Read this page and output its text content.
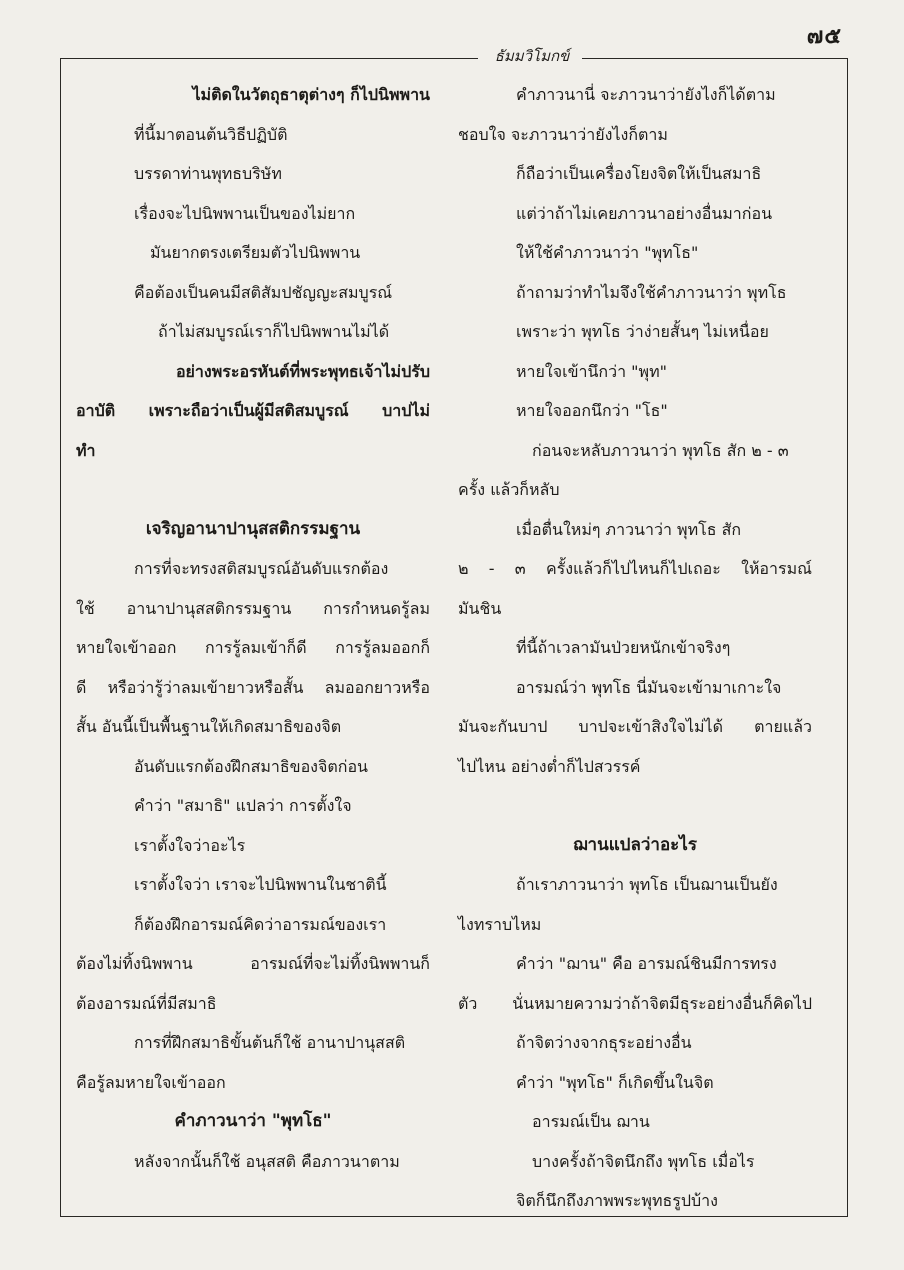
๗๕
ธัมมวิโมกข์

ไม่ติดในวัตถุธาตุต่างๆ ก็ไปนิพพาน

ที่นี้มาตอนต้นวิธีปฏิบัติ

บรรดาท่านพุทธบริษัท

เรื่องจะไปนิพพานเป็นของไม่ยาก

มันยากตรงเตรียมตัวไปนิพพาน

คือต้องเป็นคนมีสติสัมปชัญญะสมบูรณ์

ถ้าไม่สมบูรณ์เราก็ไปนิพพานไม่ได้

อย่างพระอรหันต์ที่พระพุทธเจ้าไม่ปรับ

อาบัติ เพราะถือว่าเป็นผู้มีสติสมบูรณ์ บาปไม่

ทำ

เจริญอานาปานุสสติกรรมฐาน

การที่จะทรงสติสมบูรณ์อันดับแรกต้อง

ใช้ อานาปานุสสติกรรมฐาน การกำหนดรู้ลม

หายใจเข้าออก การรู้ลมเข้าก็ดี การรู้ลมออกก็

ดี หรือว่ารู้ว่าลมเข้ายาวหรือสั้น ลมออกยาวหรือ

สั้น อันนี้เป็นพื้นฐานให้เกิดสมาธิของจิต

อันดับแรกต้องฝึกสมาธิของจิตก่อน

คำว่า "สมาธิ" แปลว่า การตั้งใจ

เราตั้งใจว่าอะไร

เราตั้งใจว่า เราจะไปนิพพานในชาตินี้

ก็ต้องฝึกอารมณ์คิดว่าอารมณ์ของเรา

ต้องไม่ทิ้งนิพพาน อารมณ์ที่จะไม่ทิ้งนิพพานก็

ต้องอารมณ์ที่มีสมาธิ

การที่ฝึกสมาธิขั้นต้นก็ใช้ อานาปานุสสติ

คือรู้ลมหายใจเข้าออก

คำภาวนาว่า "พุทโธ"

หลังจากนั้นก็ใช้ อนุสสติ คือภาวนาตาม

คำภาวนานี่ จะภาวนาว่ายังไงก็ได้ตาม

ชอบใจ จะภาวนาว่ายังไงก็ตาม

ก็ถือว่าเป็นเครื่องโยงจิตให้เป็นสมาธิ

แต่ว่าถ้าไม่เคยภาวนาอย่างอื่นมาก่อน

ให้ใช้คำภาวนาว่า "พุทโธ"

ถ้าถามว่าทำไมจึงใช้คำภาวนาว่า พุทโธ

เพราะว่า พุทโธ ว่าง่ายสั้นๆ ไม่เหนื่อย

หายใจเข้านึกว่า "พุท"

หายใจออกนึกว่า "โธ"

ก่อนจะหลับภาวนาว่า พุทโธ สัก ๒ - ๓

ครั้ง แล้วก็หลับ

เมื่อตื่นใหม่ๆ ภาวนาว่า พุทโธ สัก

๒ - ๓ ครั้งแล้วก็ไปไหนก็ไปเถอะ ให้อารมณ์

มันชิน

ที่นี้ถ้าเวลามันป่วยหนักเข้าจริงๆ

อารมณ์ว่า พุทโธ นี่มันจะเข้ามาเกาะใจ

มันจะกันบาป บาปจะเข้าสิงใจไม่ได้ ตายแล้ว

ไปไหน อย่างต่ำก็ไปสวรรค์

ฌานแปลว่าอะไร

ถ้าเราภาวนาว่า พุทโธ เป็นฌานเป็นยัง

ไงทราบไหม

คำว่า "ฌาน" คือ อารมณ์ชินมีการทรง

ตัว นั่นหมายความว่าถ้าจิตมีธุระอย่างอื่นก็คิดไป

ถ้าจิตว่างจากธุระอย่างอื่น

คำว่า "พุทโธ" ก็เกิดขึ้นในจิต

อารมณ์เป็น ฌาน

บางครั้งถ้าจิตนึกถึง พุทโธ เมื่อไร

จิตก็นึกถึงภาพพระพุทธรูปบ้าง
